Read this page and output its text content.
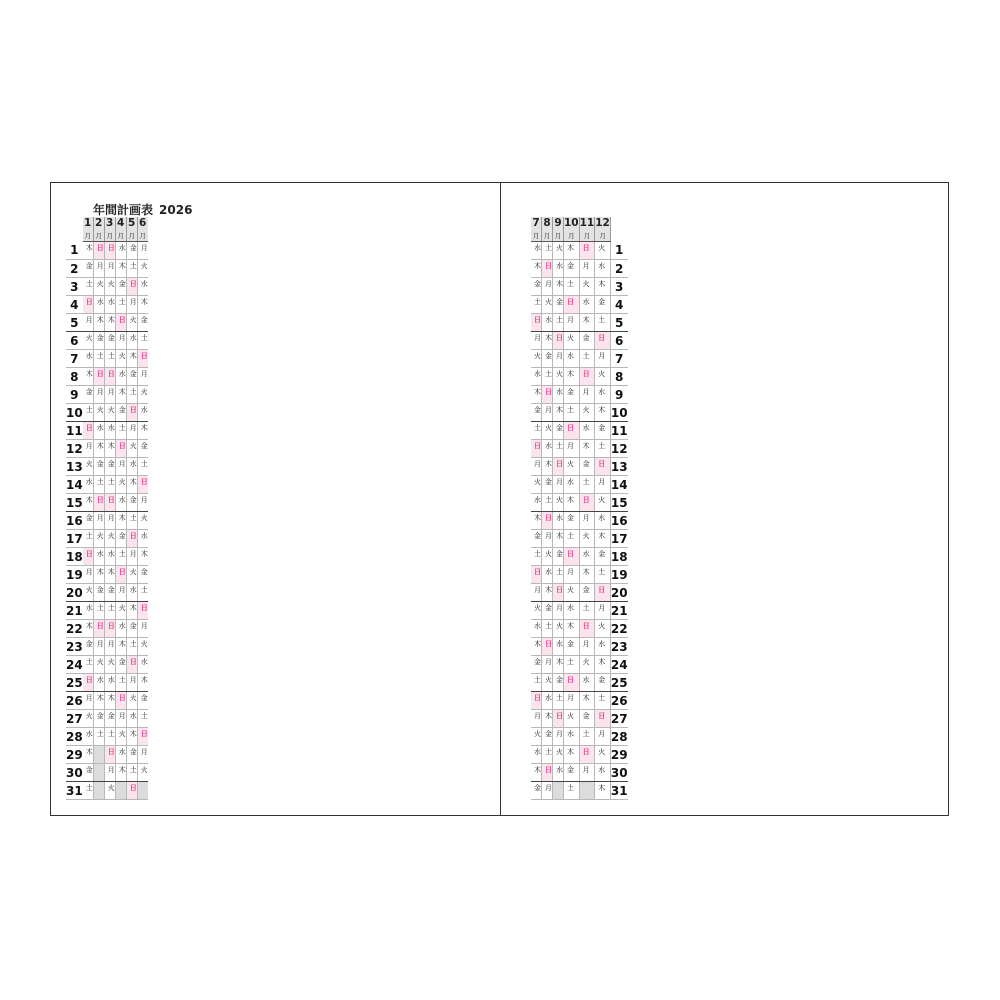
年間計画表 2026
	1月	2月	3月	4月	5月	6月
1	木	日	日	水	金	月
2	金	月	月	木	土	火
3	土	火	火	金	日	水
4	日	水	水	土	月	木
5	月	木	木	日	火	金
6	火	金	金	月	水	土
7	水	土	土	火	木	日
8	木	日	日	水	金	月
9	金	月	月	木	土	火
10	土	火	火	金	日	水
11	日	水	水	土	月	木
12	月	木	木	日	火	金
13	火	金	金	月	水	土
14	水	土	土	火	木	日
15	木	日	日	水	金	月
16	金	月	月	木	土	火
17	土	火	火	金	日	水
18	日	水	水	土	月	木
19	月	木	木	日	火	金
20	火	金	金	月	水	土
21	水	土	土	火	木	日
22	木	日	日	水	金	月
23	金	月	月	木	土	火
24	土	火	火	金	日	水
25	日	水	水	土	月	木
26	月	木	木	日	火	金
27	火	金	金	月	水	土
28	水	土	土	火	木	日
29	木		日	水	金	月
30	金		月	木	土	火
31	土		火		日	
7月	8月	9月	10月	11月	12月	
水	土	火	木	日	火	1
木	日	水	金	月	水	2
金	月	木	土	火	木	3
土	火	金	日	水	金	4
日	水	土	月	木	土	5
月	木	日	火	金	日	6
火	金	月	水	土	月	7
水	土	火	木	日	火	8
木	日	水	金	月	水	9
金	月	木	土	火	木	10
土	火	金	日	水	金	11
日	水	土	月	木	土	12
月	木	日	火	金	日	13
火	金	月	水	土	月	14
水	土	火	木	日	火	15
木	日	水	金	月	水	16
金	月	木	土	火	木	17
土	火	金	日	水	金	18
日	水	土	月	木	土	19
月	木	日	火	金	日	20
火	金	月	水	土	月	21
水	土	火	木	日	火	22
木	日	水	金	月	水	23
金	月	木	土	火	木	24
土	火	金	日	水	金	25
日	水	土	月	木	土	26
月	木	日	火	金	日	27
火	金	月	水	土	月	28
水	土	火	木	日	火	29
木	日	水	金	月	水	30
金	月		土		木	31
